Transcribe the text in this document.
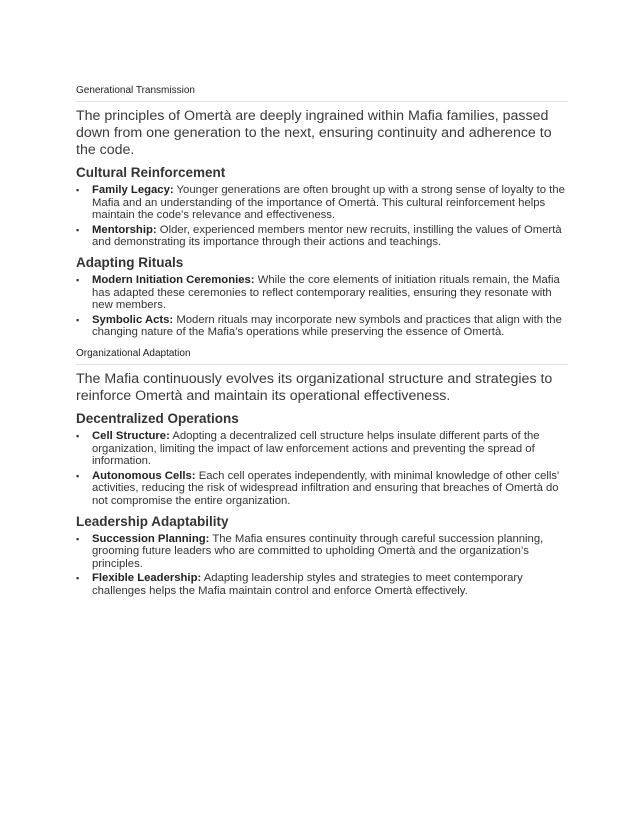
Generational Transmission
The principles of Omertà are deeply ingrained within Mafia families, passed down from one generation to the next, ensuring continuity and adherence to the code.
Cultural Reinforcement
▪ Family Legacy: Younger generations are often brought up with a strong sense of loyalty to the Mafia and an understanding of the importance of Omertà. This cultural reinforcement helps maintain the code's relevance and effectiveness.
▪ Mentorship: Older, experienced members mentor new recruits, instilling the values of Omertà and demonstrating its importance through their actions and teachings.
Adapting Rituals
▪ Modern Initiation Ceremonies: While the core elements of initiation rituals remain, the Mafia has adapted these ceremonies to reflect contemporary realities, ensuring they resonate with new members.
▪ Symbolic Acts: Modern rituals may incorporate new symbols and practices that align with the changing nature of the Mafia’s operations while preserving the essence of Omertà.
Organizational Adaptation
The Mafia continuously evolves its organizational structure and strategies to reinforce Omertà and maintain its operational effectiveness.
Decentralized Operations
▪ Cell Structure: Adopting a decentralized cell structure helps insulate different parts of the organization, limiting the impact of law enforcement actions and preventing the spread of information.
▪ Autonomous Cells: Each cell operates independently, with minimal knowledge of other cells' activities, reducing the risk of widespread infiltration and ensuring that breaches of Omertà do not compromise the entire organization.
Leadership Adaptability
▪ Succession Planning: The Mafia ensures continuity through careful succession planning, grooming future leaders who are committed to upholding Omertà and the organization’s principles.
▪ Flexible Leadership: Adapting leadership styles and strategies to meet contemporary challenges helps the Mafia maintain control and enforce Omertà effectively.
